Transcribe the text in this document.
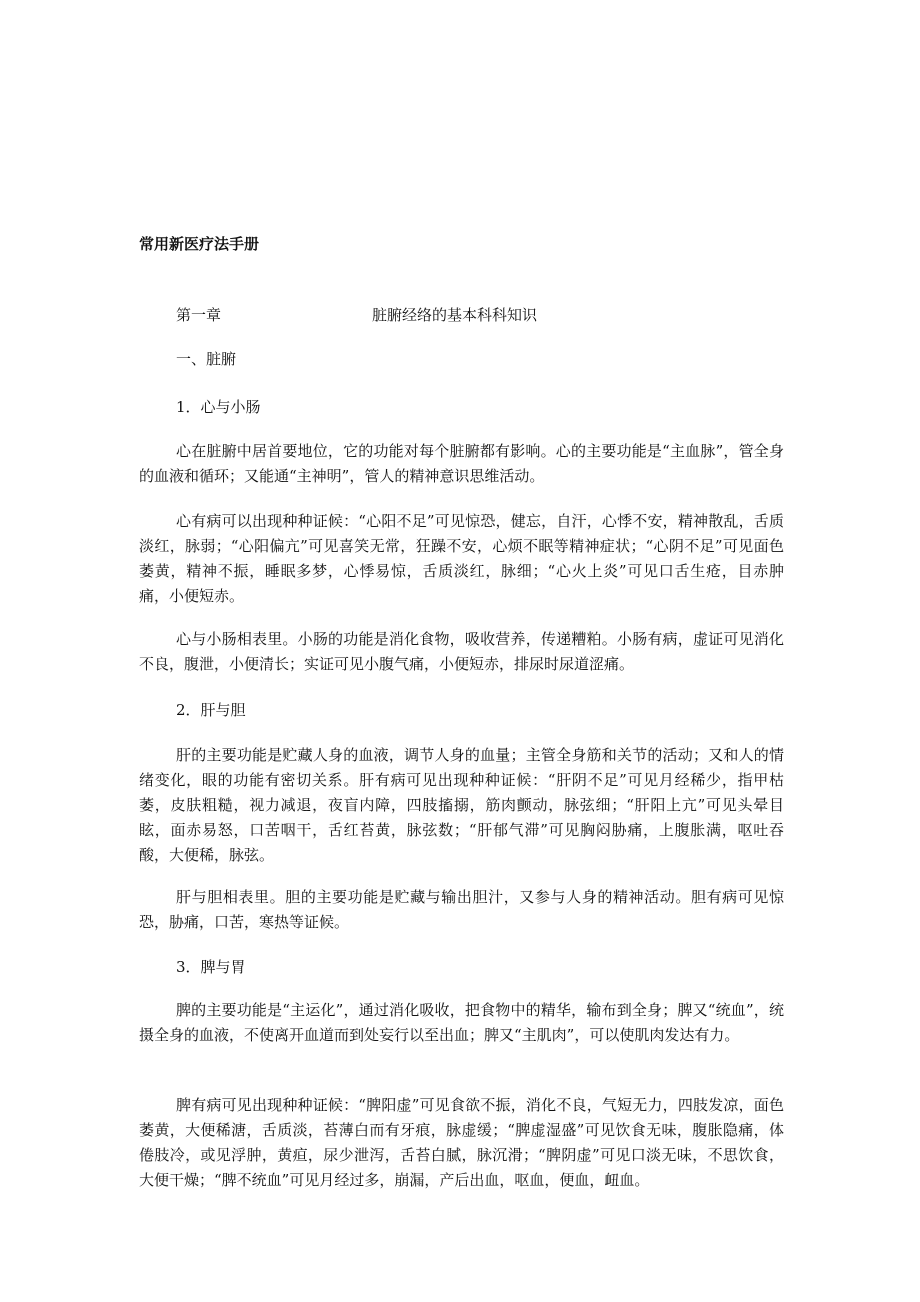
常用新医疗法手册
第一章	脏腑经络的基本科科知识
一、脏腑
1．心与小肠

心在脏腑中居首要地位，它的功能对每个脏腑都有影响。心的主要功能是“主血脉”，管全身的血液和循环；又能通“主神明”，管人的精神意识思维活动。

心有病可以出现种种证候：“心阳不足”可见惊恐，健忘，自汗，心悸不安，精神散乱，舌质淡红，脉弱；“心阳偏亢”可见喜笑无常，狂躁不安，心烦不眠等精神症状；“心阴不足”可见面色萎黄，精神不振，睡眠多梦，心悸易惊，舌质淡红，脉细；“心火上炎”可见口舌生疮，目赤肿痛，小便短赤。

心与小肠相表里。小肠的功能是消化食物，吸收营养，传递糟粕。小肠有病，虚证可见消化不良，腹泄，小便清长；实证可见小腹气痛，小便短赤，排尿时尿道涩痛。

2．肝与胆

肝的主要功能是贮藏人身的血液，调节人身的血量；主管全身筋和关节的活动；又和人的情绪变化，眼的功能有密切关系。肝有病可见出现种种证候：“肝阴不足”可见月经稀少，指甲枯萎，皮肤粗糙，视力减退，夜盲内障，四肢搐搦，筋肉颤动，脉弦细；“肝阳上亢”可见头晕目眩，面赤易怒，口苦咽干，舌红苔黄，脉弦数；“肝郁气滞”可见胸闷胁痛，上腹胀满，呕吐吞酸，大便稀，脉弦。

肝与胆相表里。胆的主要功能是贮藏与输出胆汁，又参与人身的精神活动。胆有病可见惊恐，胁痛，口苦，寒热等证候。

3．脾与胃

脾的主要功能是“主运化”，通过消化吸收，把食物中的精华，输布到全身；脾又“统血”，统摄全身的血液，不使离开血道而到处妄行以至出血；脾又“主肌肉”，可以使肌肉发达有力。

脾有病可见出现种种证候：“脾阳虚”可见食欲不振，消化不良，气短无力，四肢发凉，面色萎黄，大便稀溏，舌质淡，苔薄白而有牙痕，脉虚缓；“脾虚湿盛”可见饮食无味，腹胀隐痛，体倦肢冷，或见浮肿，黄疸，尿少泄泻，舌苔白腻，脉沉滑；“脾阴虚”可见口淡无味，不思饮食，大便干燥；“脾不统血”可见月经过多，崩漏，产后出血，呕血，便血，衄血。
